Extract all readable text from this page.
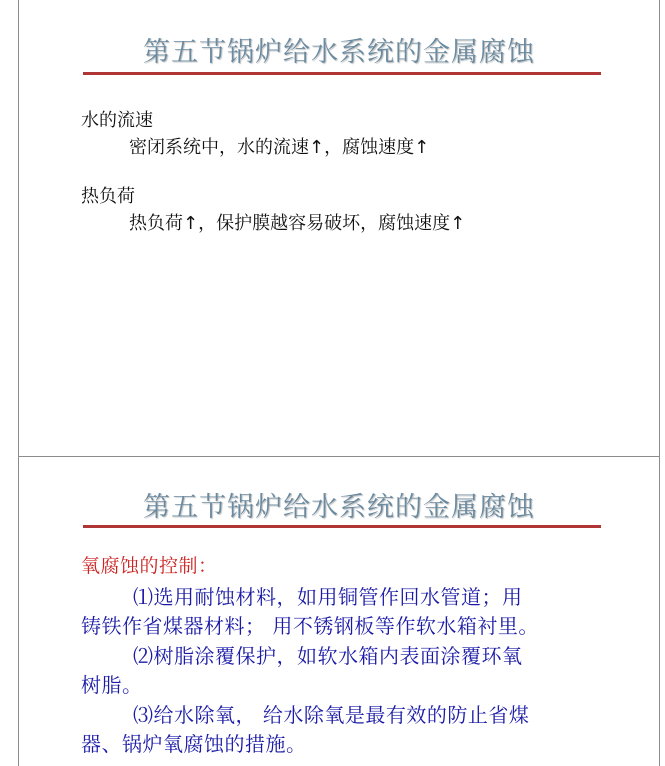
第五节锅炉给水系统的金属腐蚀
水的流速
密闭系统中，水的流速↑，腐蚀速度↑
热负荷
热负荷↑，保护膜越容易破坏，腐蚀速度↑
第五节锅炉给水系统的金属腐蚀
氧腐蚀的控制：
⑴选用耐蚀材料，如用铜管作回水管道；用
铸铁作省煤器材料； 用不锈钢板等作软水箱衬里。
⑵树脂涂覆保护，如软水箱内表面涂覆环氧
树脂。
⑶给水除氧， 给水除氧是最有效的防止省煤
器、锅炉氧腐蚀的措施。
